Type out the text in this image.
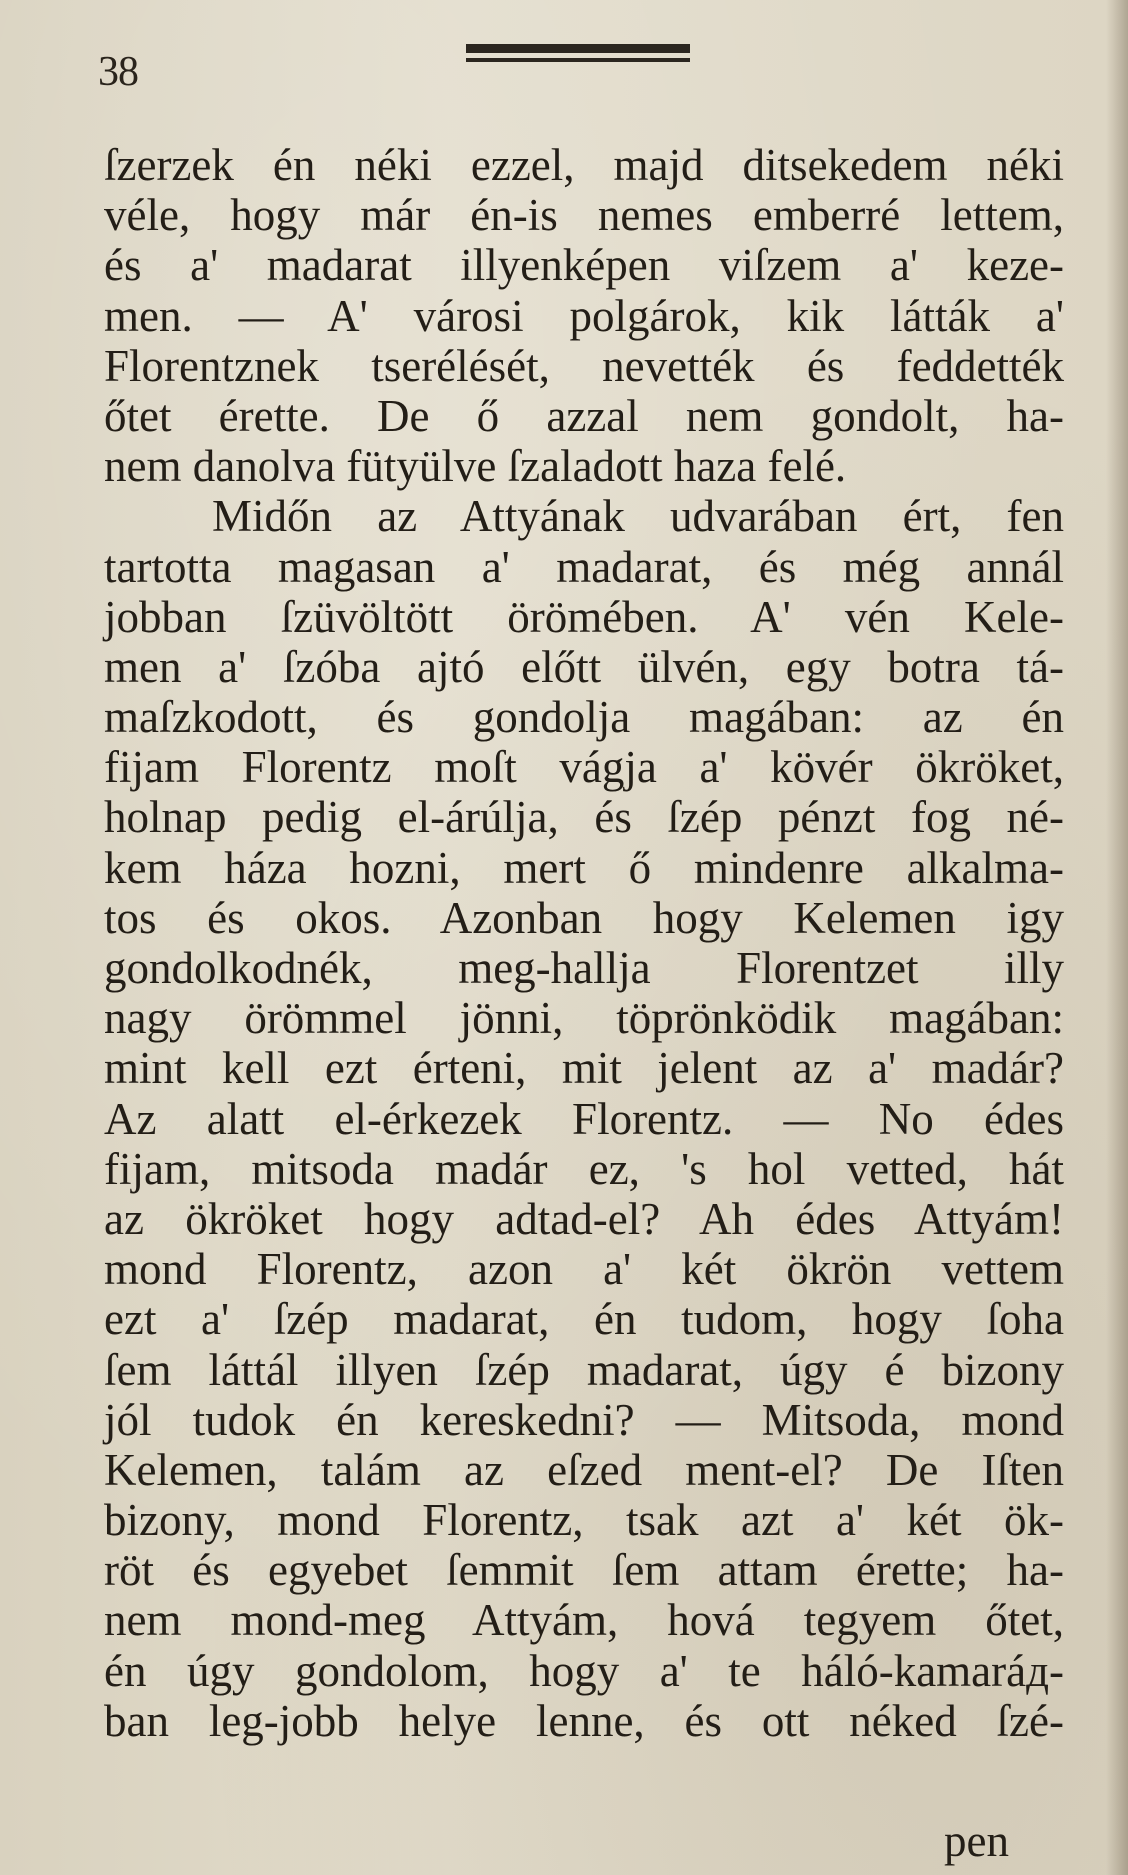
38
ſzerzek én néki ezzel, majd ditsekedem néki
véle, hogy már én-is nemes emberré lettem,
és a' madarat illyenképen viſzem a' keze-
men. — A' városi polgárok, kik látták a'
Florentznek tserélését, nevették és feddették
őtet érette. De ő azzal nem gondolt, ha-
nem danolva fütyülve ſzaladott haza felé.
Midőn az Attyának udvarában ért, fen
tartotta magasan a' madarat, és még annál
jobban ſzüvöltött örömében. A' vén Kele-
men a' ſzóba ajtó előtt ülvén, egy botra tá-
maſzkodott, és gondolja magában: az én
fijam Florentz moſt vágja a' kövér ökröket,
holnap pedig el-árúlja, és ſzép pénzt fog né-
kem háza hozni, mert ő mindenre alkalma-
tos és okos. Azonban hogy Kelemen igy
gondolkodnék, meg-hallja Florentzet illy
nagy örömmel jönni, töprönködik magában:
mint kell ezt érteni, mit jelent az a' madár?
Az alatt el-érkezek Florentz. — No édes
fijam, mitsoda madár ez, 's hol vetted, hát
az ökröket hogy adtad-el? Ah édes Attyám!
mond Florentz, azon a' két ökrön vettem
ezt a' ſzép madarat, én tudom, hogy ſoha
ſem láttál illyen ſzép madarat, úgy é bizony
jól tudok én kereskedni? — Mitsoda, mond
Kelemen, talám az eſzed ment-el? De Iſten
bizony, mond Florentz, tsak azt a' két ök-
röt és egyebet ſemmit ſem attam érette; ha-
nem mond-meg Attyám, hová tegyem őtet,
én úgy gondolom, hogy a' te háló-kamaráд-
ban leg-jobb helye lenne, és ott néked ſzé-
pen
